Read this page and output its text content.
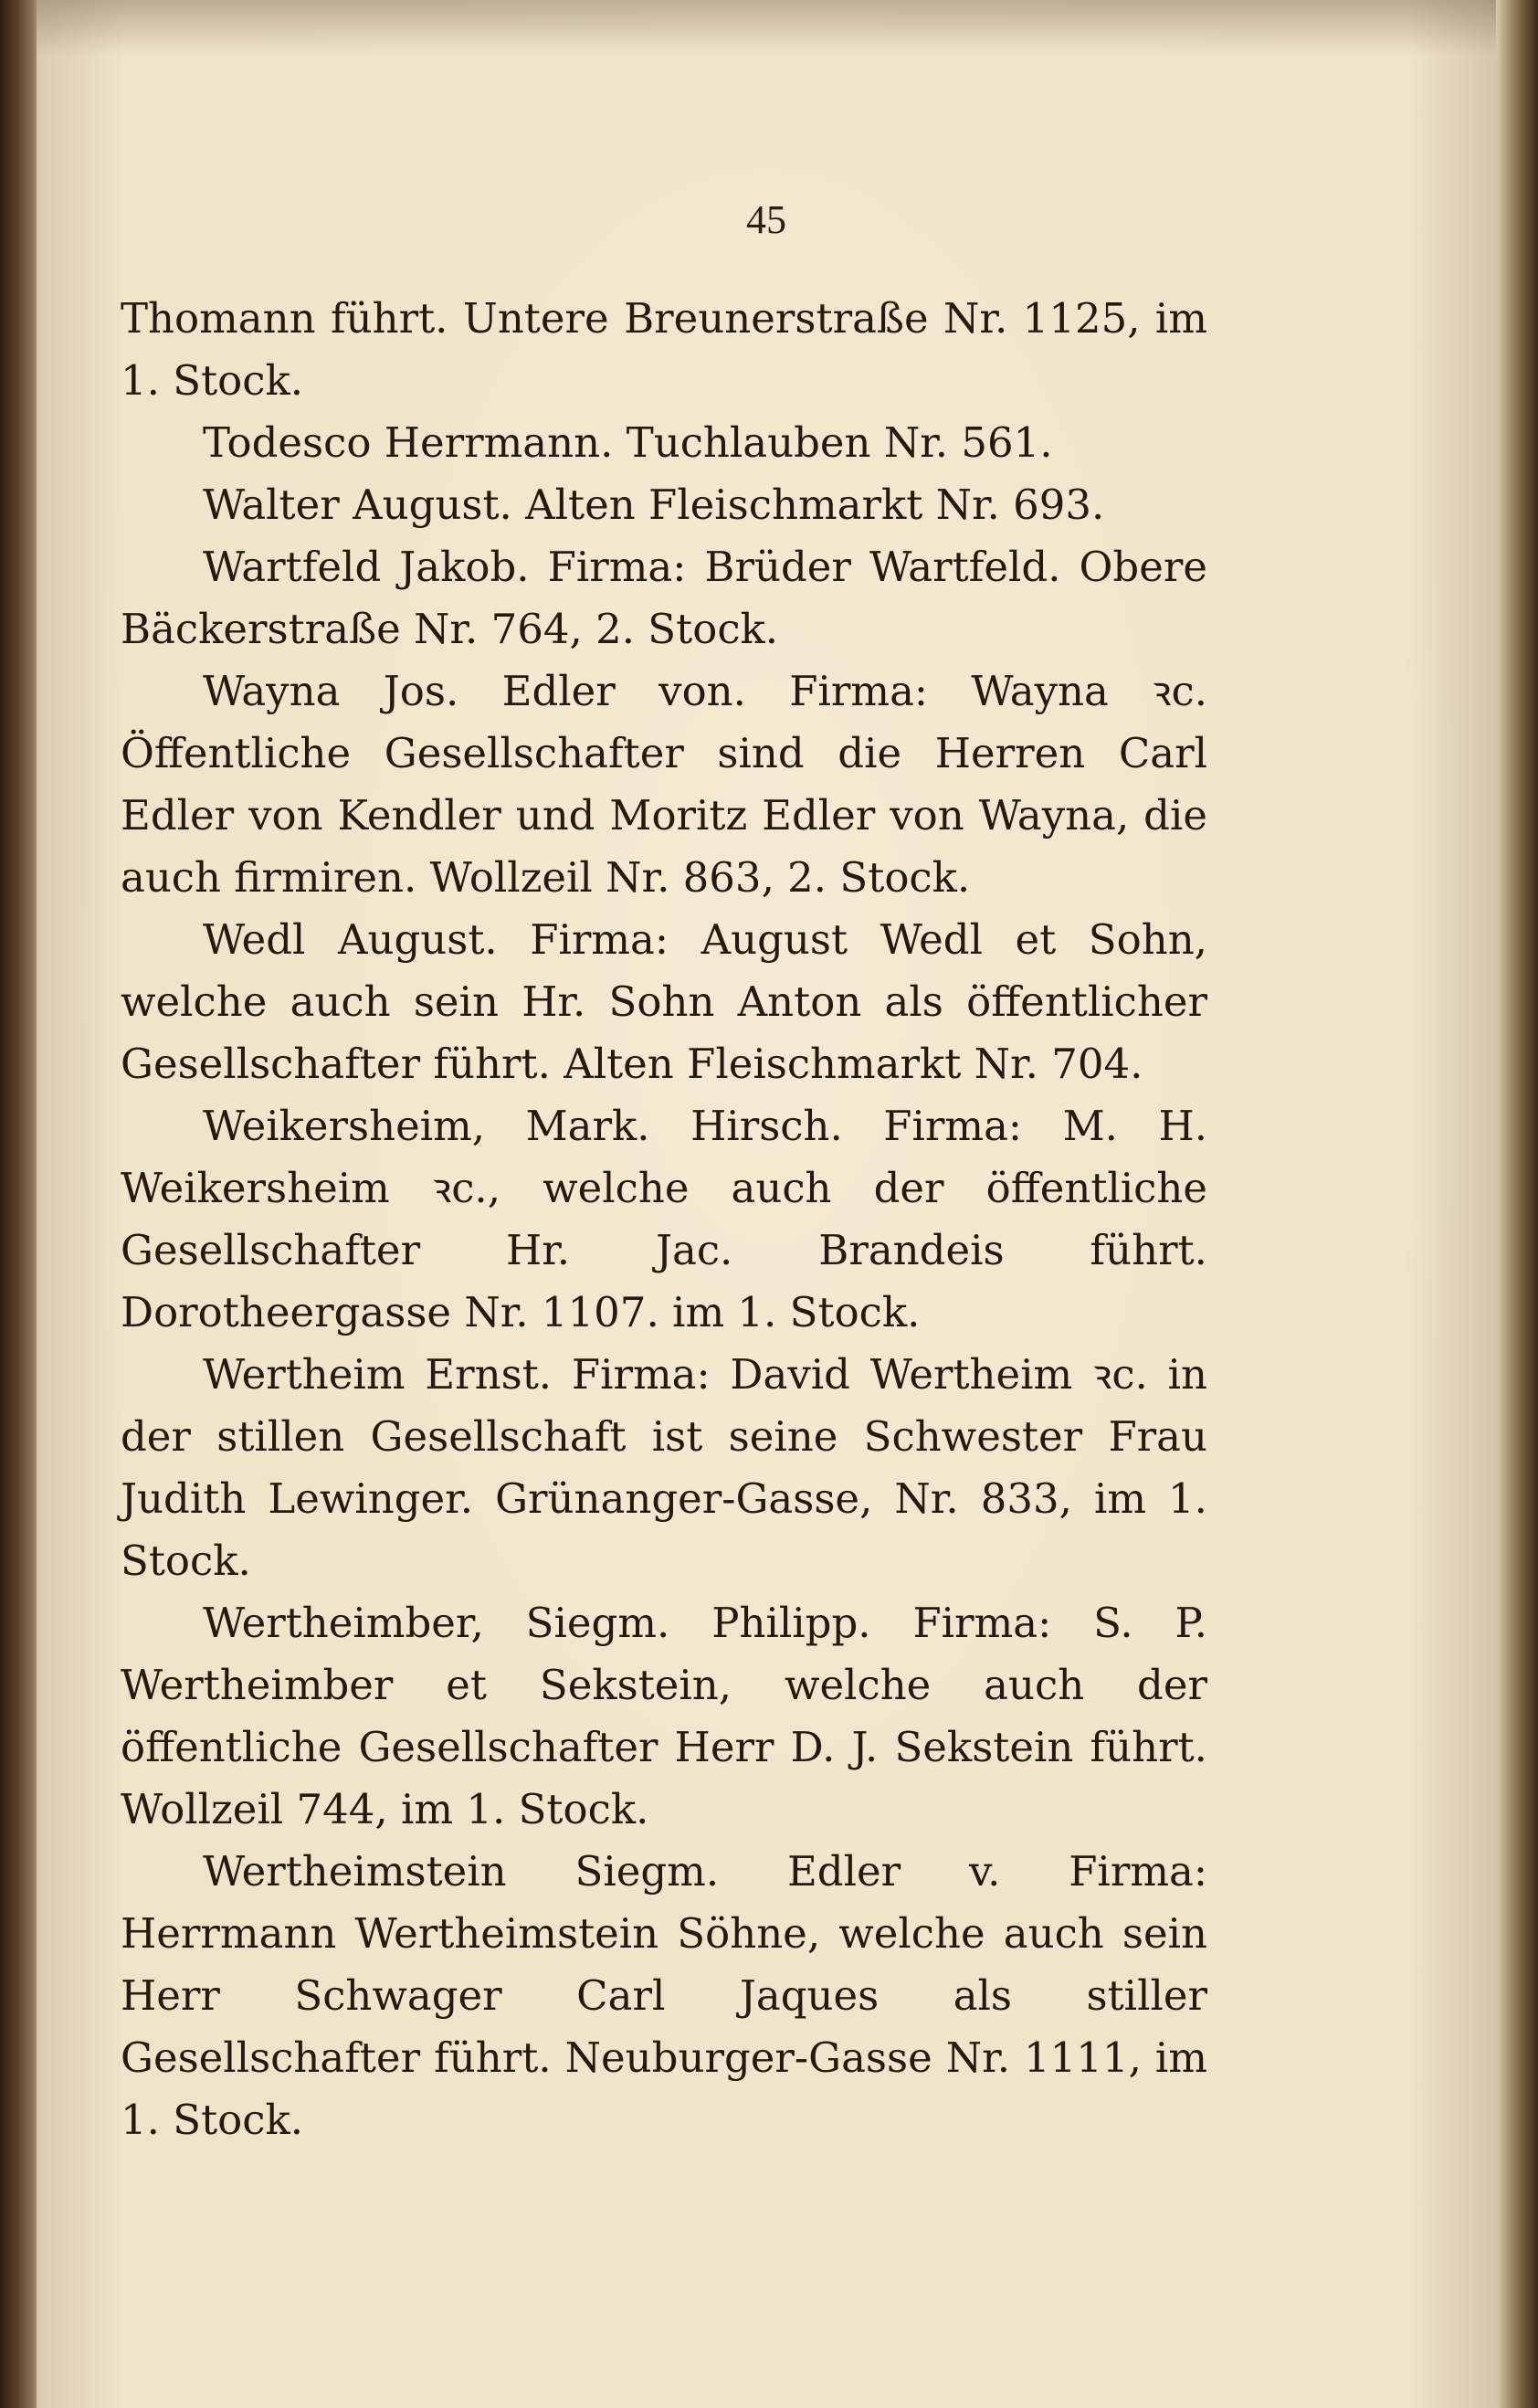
45

Thomann führt. Untere Breunerstraße Nr. 1125, im 1. Stock.

Todesco Herrmann. Tuchlauben Nr. 561.

Walter August. Alten Fleischmarkt Nr. 693.

Wartfeld Jakob. Firma: Brüder Wartfeld. Obere Bäckerstraße Nr. 764, 2. Stock.

Wayna Jos. Edler von. Firma: Wayna ꝛc. Öffentliche Gesellschafter sind die Herren Carl Edler von Kendler und Moritz Edler von Wayna, die auch firmiren. Wollzeil Nr. 863, 2. Stock.

Wedl August. Firma: August Wedl et Sohn, welche auch sein Hr. Sohn Anton als öffentlicher Gesellschafter führt. Alten Fleischmarkt Nr. 704.

Weikersheim, Mark. Hirsch. Firma: M. H. Weikersheim ꝛc., welche auch der öffentliche Gesellschafter Hr. Jac. Brandeis führt. Dorotheergasse Nr. 1107. im 1. Stock.

Wertheim Ernst. Firma: David Wertheim ꝛc. in der stillen Gesellschaft ist seine Schwester Frau Judith Lewinger. Grünanger-Gasse, Nr. 833, im 1. Stock.

Wertheimber, Siegm. Philipp. Firma: S. P. Wertheimber et Sekstein, welche auch der öffentliche Gesellschafter Herr D. J. Sekstein führt. Wollzeil 744, im 1. Stock.

Wertheimstein Siegm. Edler v. Firma: Herrmann Wertheimstein Söhne, welche auch sein Herr Schwager Carl Jaques als stiller Gesellschafter führt. Neuburger-Gasse Nr. 1111, im 1. Stock.
